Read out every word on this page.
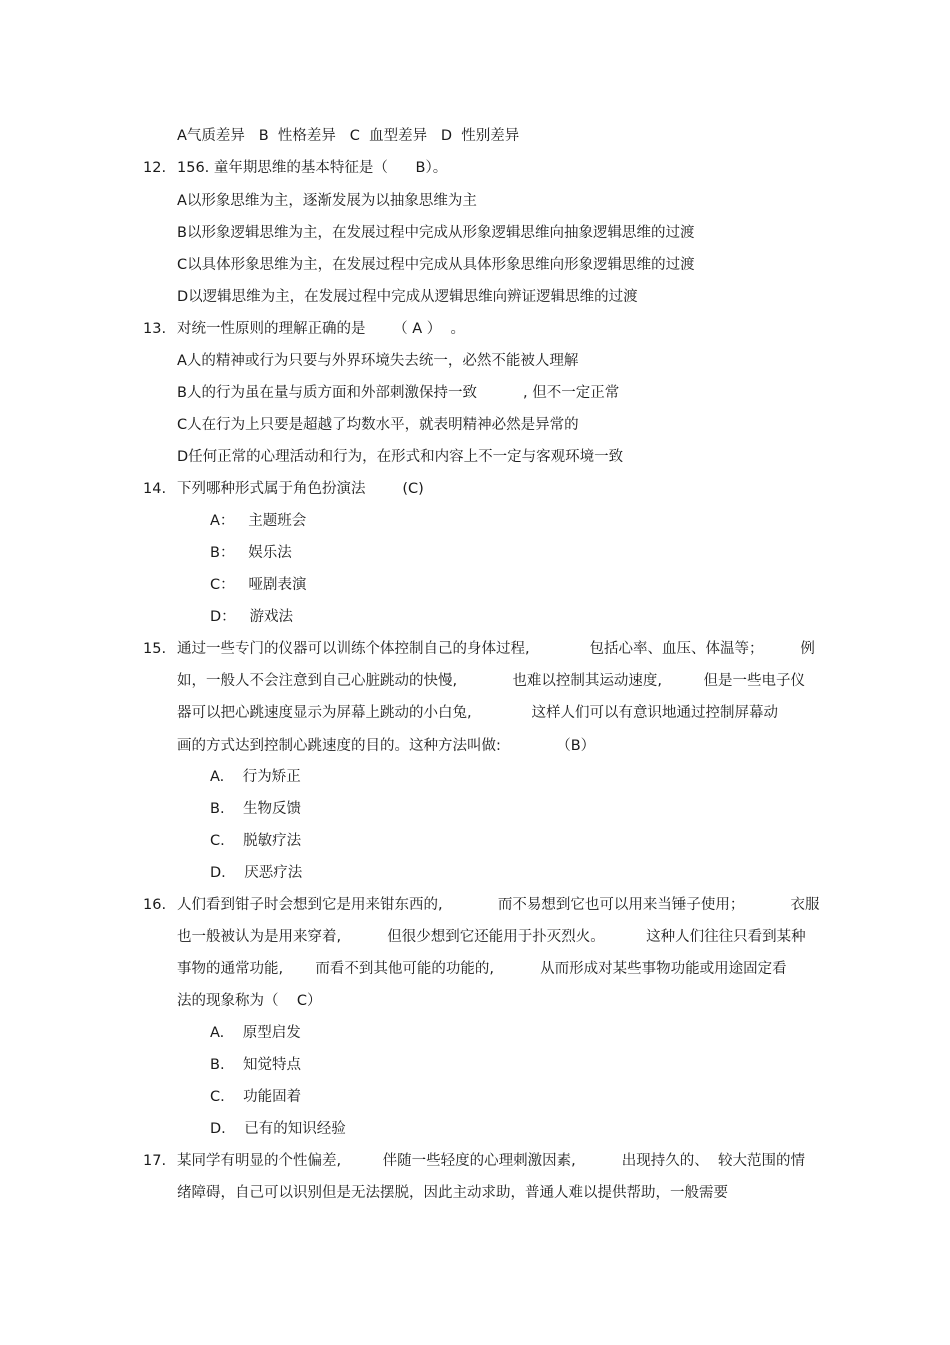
A气质差异   B  性格差异   C  血型差异   D  性别差异
12. 156. 童年期思维的基本特征是（      B）。
A以形象思维为主，逐渐发展为以抽象思维为主
B以形象逻辑思维为主，在发展过程中完成从形象逻辑思维向抽象逻辑思维的过渡
C以具体形象思维为主，在发展过程中完成从具体形象思维向形象逻辑思维的过渡
D以逻辑思维为主，在发展过程中完成从逻辑思维向辨证逻辑思维的过渡
13. 对统一性原则的理解正确的是      （ A ）  。
A人的精神或行为只要与外界环境失去统一，必然不能被人理解
B人的行为虽在量与质方面和外部刺激保持一致          , 但不一定正常
C人在行为上只要是超越了均数水平，就表明精神必然是异常的
D任何正常的心理活动和行为，在形式和内容上不一定与客观环境一致
14. 下列哪种形式属于角色扮演法        (C)
A：   主题班会
B：   娱乐法
C：   哑剧表演
D：   游戏法
15. 通过一些专门的仪器可以训练个体控制自己的身体过程,             包括心率、血压、体温等；        例
如，一般人不会注意到自己心脏跳动的快慢,            也难以控制其运动速度,         但是一些电子仪
器可以把心跳速度显示为屏幕上跳动的小白兔,             这样人们可以有意识地通过控制屏幕动
画的方式达到控制心跳速度的目的。这种方法叫做:            （B）
A.    行为矫正
B.    生物反馈
C.    脱敏疗法
D.    厌恶疗法
16. 人们看到钳子时会想到它是用来钳东西的,            而不易想到它也可以用来当锤子使用；          衣服
也一般被认为是用来穿着,          但很少想到它还能用于扑灭烈火。         这种人们往往只看到某种
事物的通常功能,       而看不到其他可能的功能的,          从而形成对某些事物功能或用途固定看
法的现象称为（    C）
A.    原型启发
B.    知觉特点
C.    功能固着
D.    已有的知识经验
17. 某同学有明显的个性偏差,         伴随一些轻度的心理刺激因素,          出现持久的、  较大范围的情
绪障碍，自己可以识别但是无法摆脱，因此主动求助，普通人难以提供帮助，一般需要
